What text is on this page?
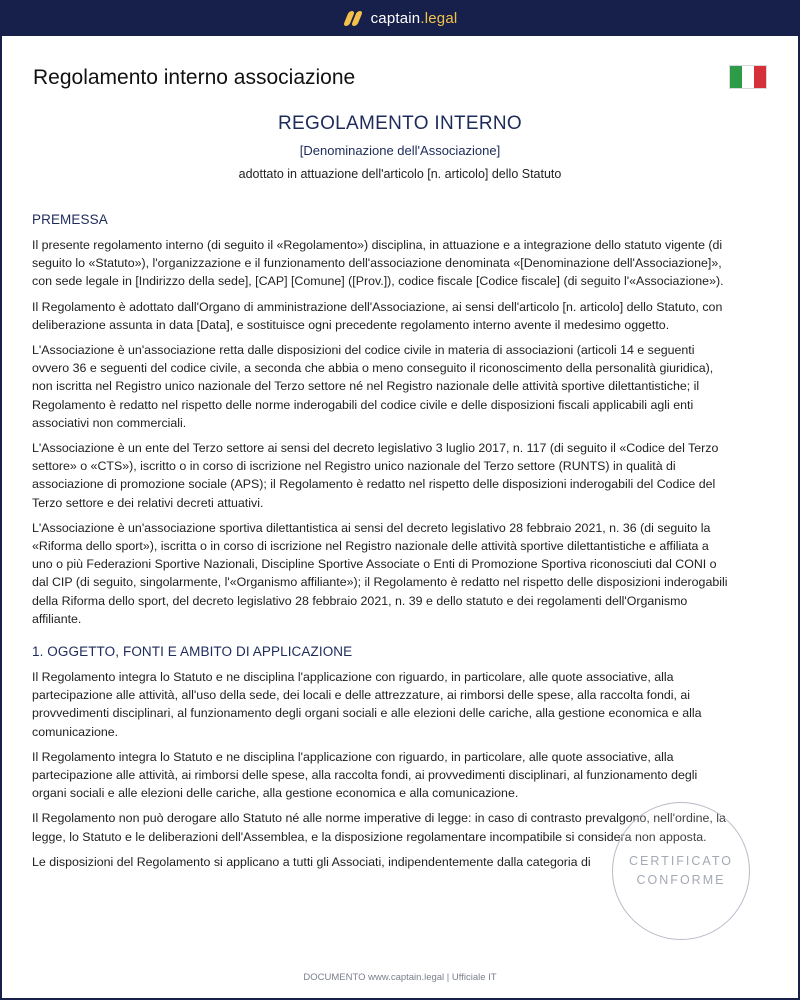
captain.legal
Regolamento interno associazione
REGOLAMENTO INTERNO
[Denominazione dell'Associazione]
adottato in attuazione dell'articolo [n. articolo] dello Statuto
PREMESSA

Il presente regolamento interno (di seguito il «Regolamento») disciplina, in attuazione e a integrazione dello statuto vigente (di seguito lo «Statuto»), l'organizzazione e il funzionamento dell'associazione denominata «[Denominazione dell'Associazione]», con sede legale in [Indirizzo della sede], [CAP] [Comune] ([Prov.]), codice fiscale [Codice fiscale] (di seguito l'«Associazione»).

Il Regolamento è adottato dall'Organo di amministrazione dell'Associazione, ai sensi dell'articolo [n. articolo] dello Statuto, con deliberazione assunta in data [Data], e sostituisce ogni precedente regolamento interno avente il medesimo oggetto.

L'Associazione è un'associazione retta dalle disposizioni del codice civile in materia di associazioni (articoli 14 e seguenti ovvero 36 e seguenti del codice civile, a seconda che abbia o meno conseguito il riconoscimento della personalità giuridica), non iscritta nel Registro unico nazionale del Terzo settore né nel Registro nazionale delle attività sportive dilettantistiche; il Regolamento è redatto nel rispetto delle norme inderogabili del codice civile e delle disposizioni fiscali applicabili agli enti associativi non commerciali.

L'Associazione è un ente del Terzo settore ai sensi del decreto legislativo 3 luglio 2017, n. 117 (di seguito il «Codice del Terzo settore» o «CTS»), iscritto o in corso di iscrizione nel Registro unico nazionale del Terzo settore (RUNTS) in qualità di associazione di promozione sociale (APS); il Regolamento è redatto nel rispetto delle disposizioni inderogabili del Codice del Terzo settore e dei relativi decreti attuativi.

L'Associazione è un'associazione sportiva dilettantistica ai sensi del decreto legislativo 28 febbraio 2021, n. 36 (di seguito la «Riforma dello sport»), iscritta o in corso di iscrizione nel Registro nazionale delle attività sportive dilettantistiche e affiliata a uno o più Federazioni Sportive Nazionali, Discipline Sportive Associate o Enti di Promozione Sportiva riconosciuti dal CONI o dal CIP (di seguito, singolarmente, l'«Organismo affiliante»); il Regolamento è redatto nel rispetto delle disposizioni inderogabili della Riforma dello sport, del decreto legislativo 28 febbraio 2021, n. 39 e dello statuto e dei regolamenti dell'Organismo affiliante.

1. OGGETTO, FONTI E AMBITO DI APPLICAZIONE

Il Regolamento integra lo Statuto e ne disciplina l'applicazione con riguardo, in particolare, alle quote associative, alla partecipazione alle attività, all'uso della sede, dei locali e delle attrezzature, ai rimborsi delle spese, alla raccolta fondi, ai provvedimenti disciplinari, al funzionamento degli organi sociali e alle elezioni delle cariche, alla gestione economica e alla comunicazione.

Il Regolamento integra lo Statuto e ne disciplina l'applicazione con riguardo, in particolare, alle quote associative, alla partecipazione alle attività, ai rimborsi delle spese, alla raccolta fondi, ai provvedimenti disciplinari, al funzionamento degli organi sociali e alle elezioni delle cariche, alla gestione economica e alla comunicazione.

Il Regolamento non può derogare allo Statuto né alle norme imperative di legge: in caso di contrasto prevalgono, nell'ordine, la legge, lo Statuto e le deliberazioni dell'Assemblea, e la disposizione regolamentare incompatibile si considera non apposta.

Le disposizioni del Regolamento si applicano a tutti gli Associati, indipendentemente dalla categoria di	CERTIFICATO
CONFORME
DOCUMENTO www.captain.legal | Ufficiale IT
